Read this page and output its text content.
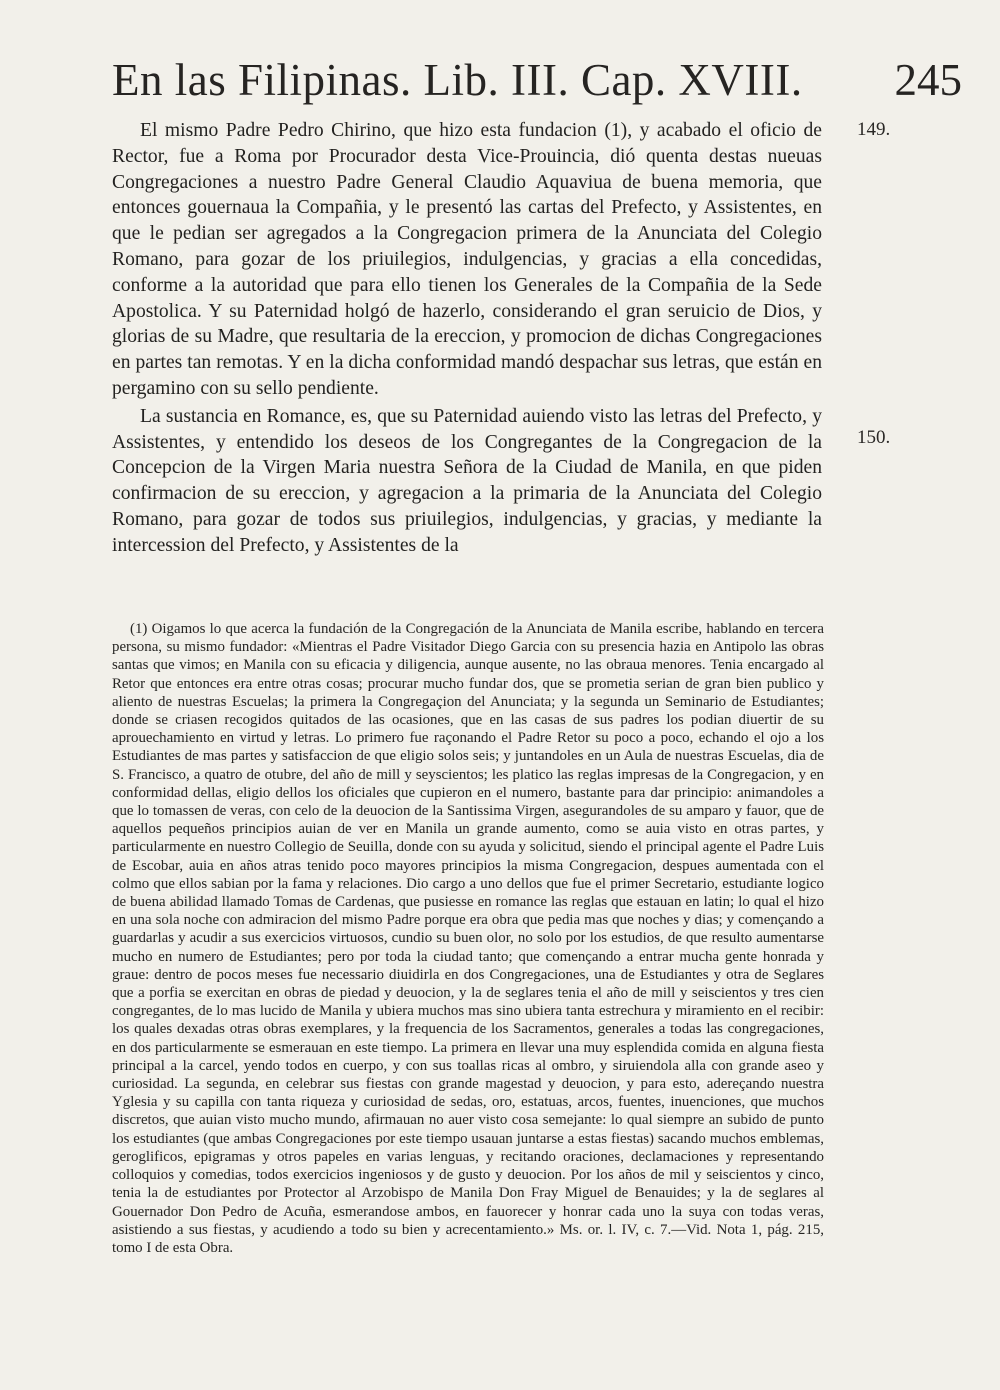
En las Filipinas. Lib. III. Cap. XVIII. 245
149.
150.

El mismo Padre Pedro Chirino, que hizo esta fundacion (1), y acabado el oficio de Rector, fue a Roma por Procurador desta Vice-Prouincia, dió quenta destas nueuas Congregaciones a nuestro Padre General Claudio Aquaviua de buena memoria, que entonces gouernaua la Compañia, y le presentó las cartas del Prefecto, y Assistentes, en que le pedian ser agregados a la Congregacion primera de la Anunciata del Colegio Romano, para gozar de los priuilegios, indulgencias, y gracias a ella concedidas, conforme a la autoridad que para ello tienen los Generales de la Compañia de la Sede Apostolica. Y su Paternidad holgó de hazerlo, considerando el gran seruicio de Dios, y glorias de su Madre, que resultaria de la ereccion, y promocion de dichas Congregaciones en partes tan remotas. Y en la dicha conformidad mandó despachar sus letras, que están en pergamino con su sello pendiente.

La sustancia en Romance, es, que su Paternidad auiendo visto las letras del Prefecto, y Assistentes, y entendido los deseos de los Congregantes de la Congregacion de la Concepcion de la Virgen Maria nuestra Señora de la Ciudad de Manila, en que piden confirmacion de su ereccion, y agregacion a la primaria de la Anunciata del Colegio Romano, para gozar de todos sus priuilegios, indulgencias, y gracias, y mediante la intercession del Prefecto, y Assistentes de la

(1) Oigamos lo que acerca la fundación de la Congregación de la Anunciata de Manila escribe, hablando en tercera persona, su mismo fundador: «Mientras el Padre Visitador Diego Garcia con su presencia hazia en Antipolo las obras santas que vimos; en Manila con su eficacia y diligencia, aunque ausente, no las obraua menores. Tenia encargado al Retor que entonces era entre otras cosas; procurar mucho fundar dos, que se prometia serian de gran bien publico y aliento de nuestras Escuelas; la primera la Congregaçion del Anunciata; y la segunda un Seminario de Estudiantes; donde se criasen recogidos quitados de las ocasiones, que en las casas de sus padres los podian diuertir de su aprouechamiento en virtud y letras. Lo primero fue raçonando el Padre Retor su poco a poco, echando el ojo a los Estudiantes de mas partes y satisfaccion de que eligio solos seis; y juntandoles en un Aula de nuestras Escuelas, dia de S. Francisco, a quatro de otubre, del año de mill y seyscientos; les platico las reglas impresas de la Congregacion, y en conformidad dellas, eligio dellos los oficiales que cupieron en el numero, bastante para dar principio: animandoles a que lo tomassen de veras, con celo de la deuocion de la Santissima Virgen, asegurandoles de su amparo y fauor, que de aquellos pequeños principios auian de ver en Manila un grande aumento, como se auia visto en otras partes, y particularmente en nuestro Collegio de Seuilla, donde con su ayuda y solicitud, siendo el principal agente el Padre Luis de Escobar, auia en años atras tenido poco mayores principios la misma Congregacion, despues aumentada con el colmo que ellos sabian por la fama y relaciones. Dio cargo a uno dellos que fue el primer Secretario, estudiante logico de buena abilidad llamado Tomas de Cardenas, que pusiesse en romance las reglas que estauan en latin; lo qual el hizo en una sola noche con admiracion del mismo Padre porque era obra que pedia mas que noches y dias; y començando a guardarlas y acudir a sus exercicios virtuosos, cundio su buen olor, no solo por los estudios, de que resulto aumentarse mucho en numero de Estudiantes; pero por toda la ciudad tanto; que començando a entrar mucha gente honrada y graue: dentro de pocos meses fue necessario diuidirla en dos Congregaciones, una de Estudiantes y otra de Seglares que a porfia se exercitan en obras de piedad y deuocion, y la de seglares tenia el año de mill y seiscientos y tres cien congregantes, de lo mas lucido de Manila y ubiera muchos mas sino ubiera tanta estrechura y miramiento en el recibir: los quales dexadas otras obras exemplares, y la frequencia de los Sacramentos, generales a todas las congregaciones, en dos particularmente se esmerauan en este tiempo. La primera en llevar una muy esplendida comida en alguna fiesta principal a la carcel, yendo todos en cuerpo, y con sus toallas ricas al ombro, y siruiendola alla con grande aseo y curiosidad. La segunda, en celebrar sus fiestas con grande magestad y deuocion, y para esto, adereçando nuestra Yglesia y su capilla con tanta riqueza y curiosidad de sedas, oro, estatuas, arcos, fuentes, inuenciones, que muchos discretos, que auian visto mucho mundo, afirmauan no auer visto cosa semejante: lo qual siempre an subido de punto los estudiantes (que ambas Congregaciones por este tiempo usauan juntarse a estas fiestas) sacando muchos emblemas, geroglificos, epigramas y otros papeles en varias lenguas, y recitando oraciones, declamaciones y representando colloquios y comedias, todos exercicios ingeniosos y de gusto y deuocion. Por los años de mil y seiscientos y cinco, tenia la de estudiantes por Protector al Arzobispo de Manila Don Fray Miguel de Benauides; y la de seglares al Gouernador Don Pedro de Acuña, esmerandose ambos, en fauorecer y honrar cada uno la suya con todas veras, asistiendo a sus fiestas, y acudiendo a todo su bien y acrecentamiento.» Ms. or. l. IV, c. 7.—Vid. Nota 1, pág. 215, tomo I de esta Obra.
